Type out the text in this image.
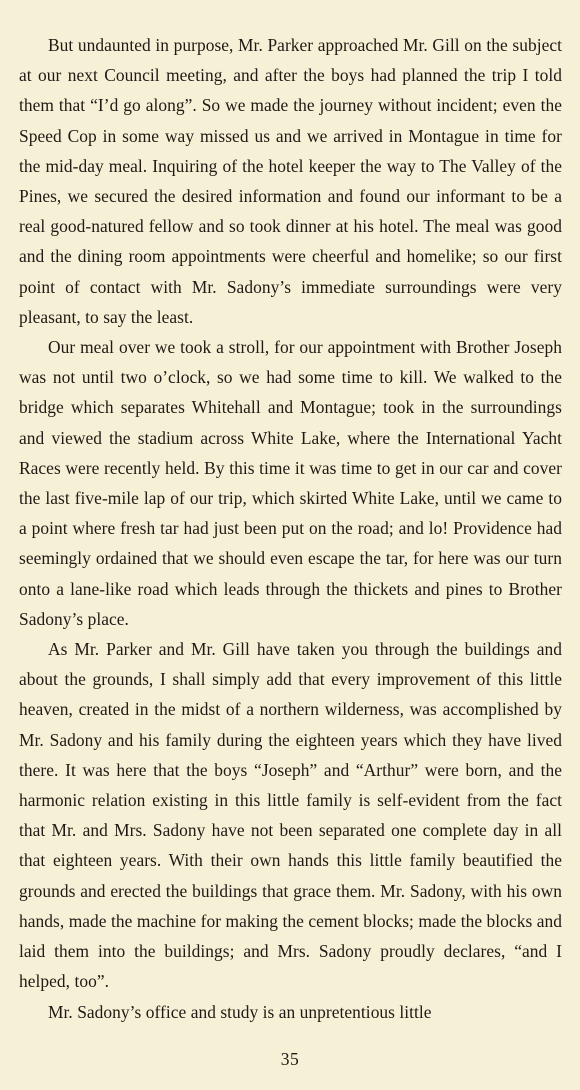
But undaunted in purpose, Mr. Parker approached Mr. Gill on the subject at our next Council meeting, and after the boys had planned the trip I told them that “I’d go along”. So we made the journey without incident; even the Speed Cop in some way missed us and we arrived in Montague in time for the mid-day meal. Inquiring of the hotel keeper the way to The Valley of the Pines, we secured the desired information and found our informant to be a real good-natured fellow and so took dinner at his hotel. The meal was good and the dining room appointments were cheerful and homelike; so our first point of contact with Mr. Sadony’s immediate surroundings were very pleasant, to say the least.

Our meal over we took a stroll, for our appointment with Brother Joseph was not until two o’clock, so we had some time to kill. We walked to the bridge which separates Whitehall and Montague; took in the surroundings and viewed the stadium across White Lake, where the International Yacht Races were recently held. By this time it was time to get in our car and cover the last five-mile lap of our trip, which skirted White Lake, until we came to a point where fresh tar had just been put on the road; and lo! Providence had seemingly ordained that we should even escape the tar, for here was our turn onto a lane-like road which leads through the thickets and pines to Brother Sadony’s place.

As Mr. Parker and Mr. Gill have taken you through the buildings and about the grounds, I shall simply add that every improvement of this little heaven, created in the midst of a northern wilderness, was accomplished by Mr. Sadony and his family during the eighteen years which they have lived there. It was here that the boys “Joseph” and “Arthur” were born, and the harmonic relation existing in this little family is self-evident from the fact that Mr. and Mrs. Sadony have not been separated one complete day in all that eighteen years. With their own hands this little family beautified the grounds and erected the buildings that grace them. Mr. Sadony, with his own hands, made the machine for making the cement blocks; made the blocks and laid them into the buildings; and Mrs. Sadony proudly declares, “and I helped, too”.

Mr. Sadony’s office and study is an unpretentious little

35
